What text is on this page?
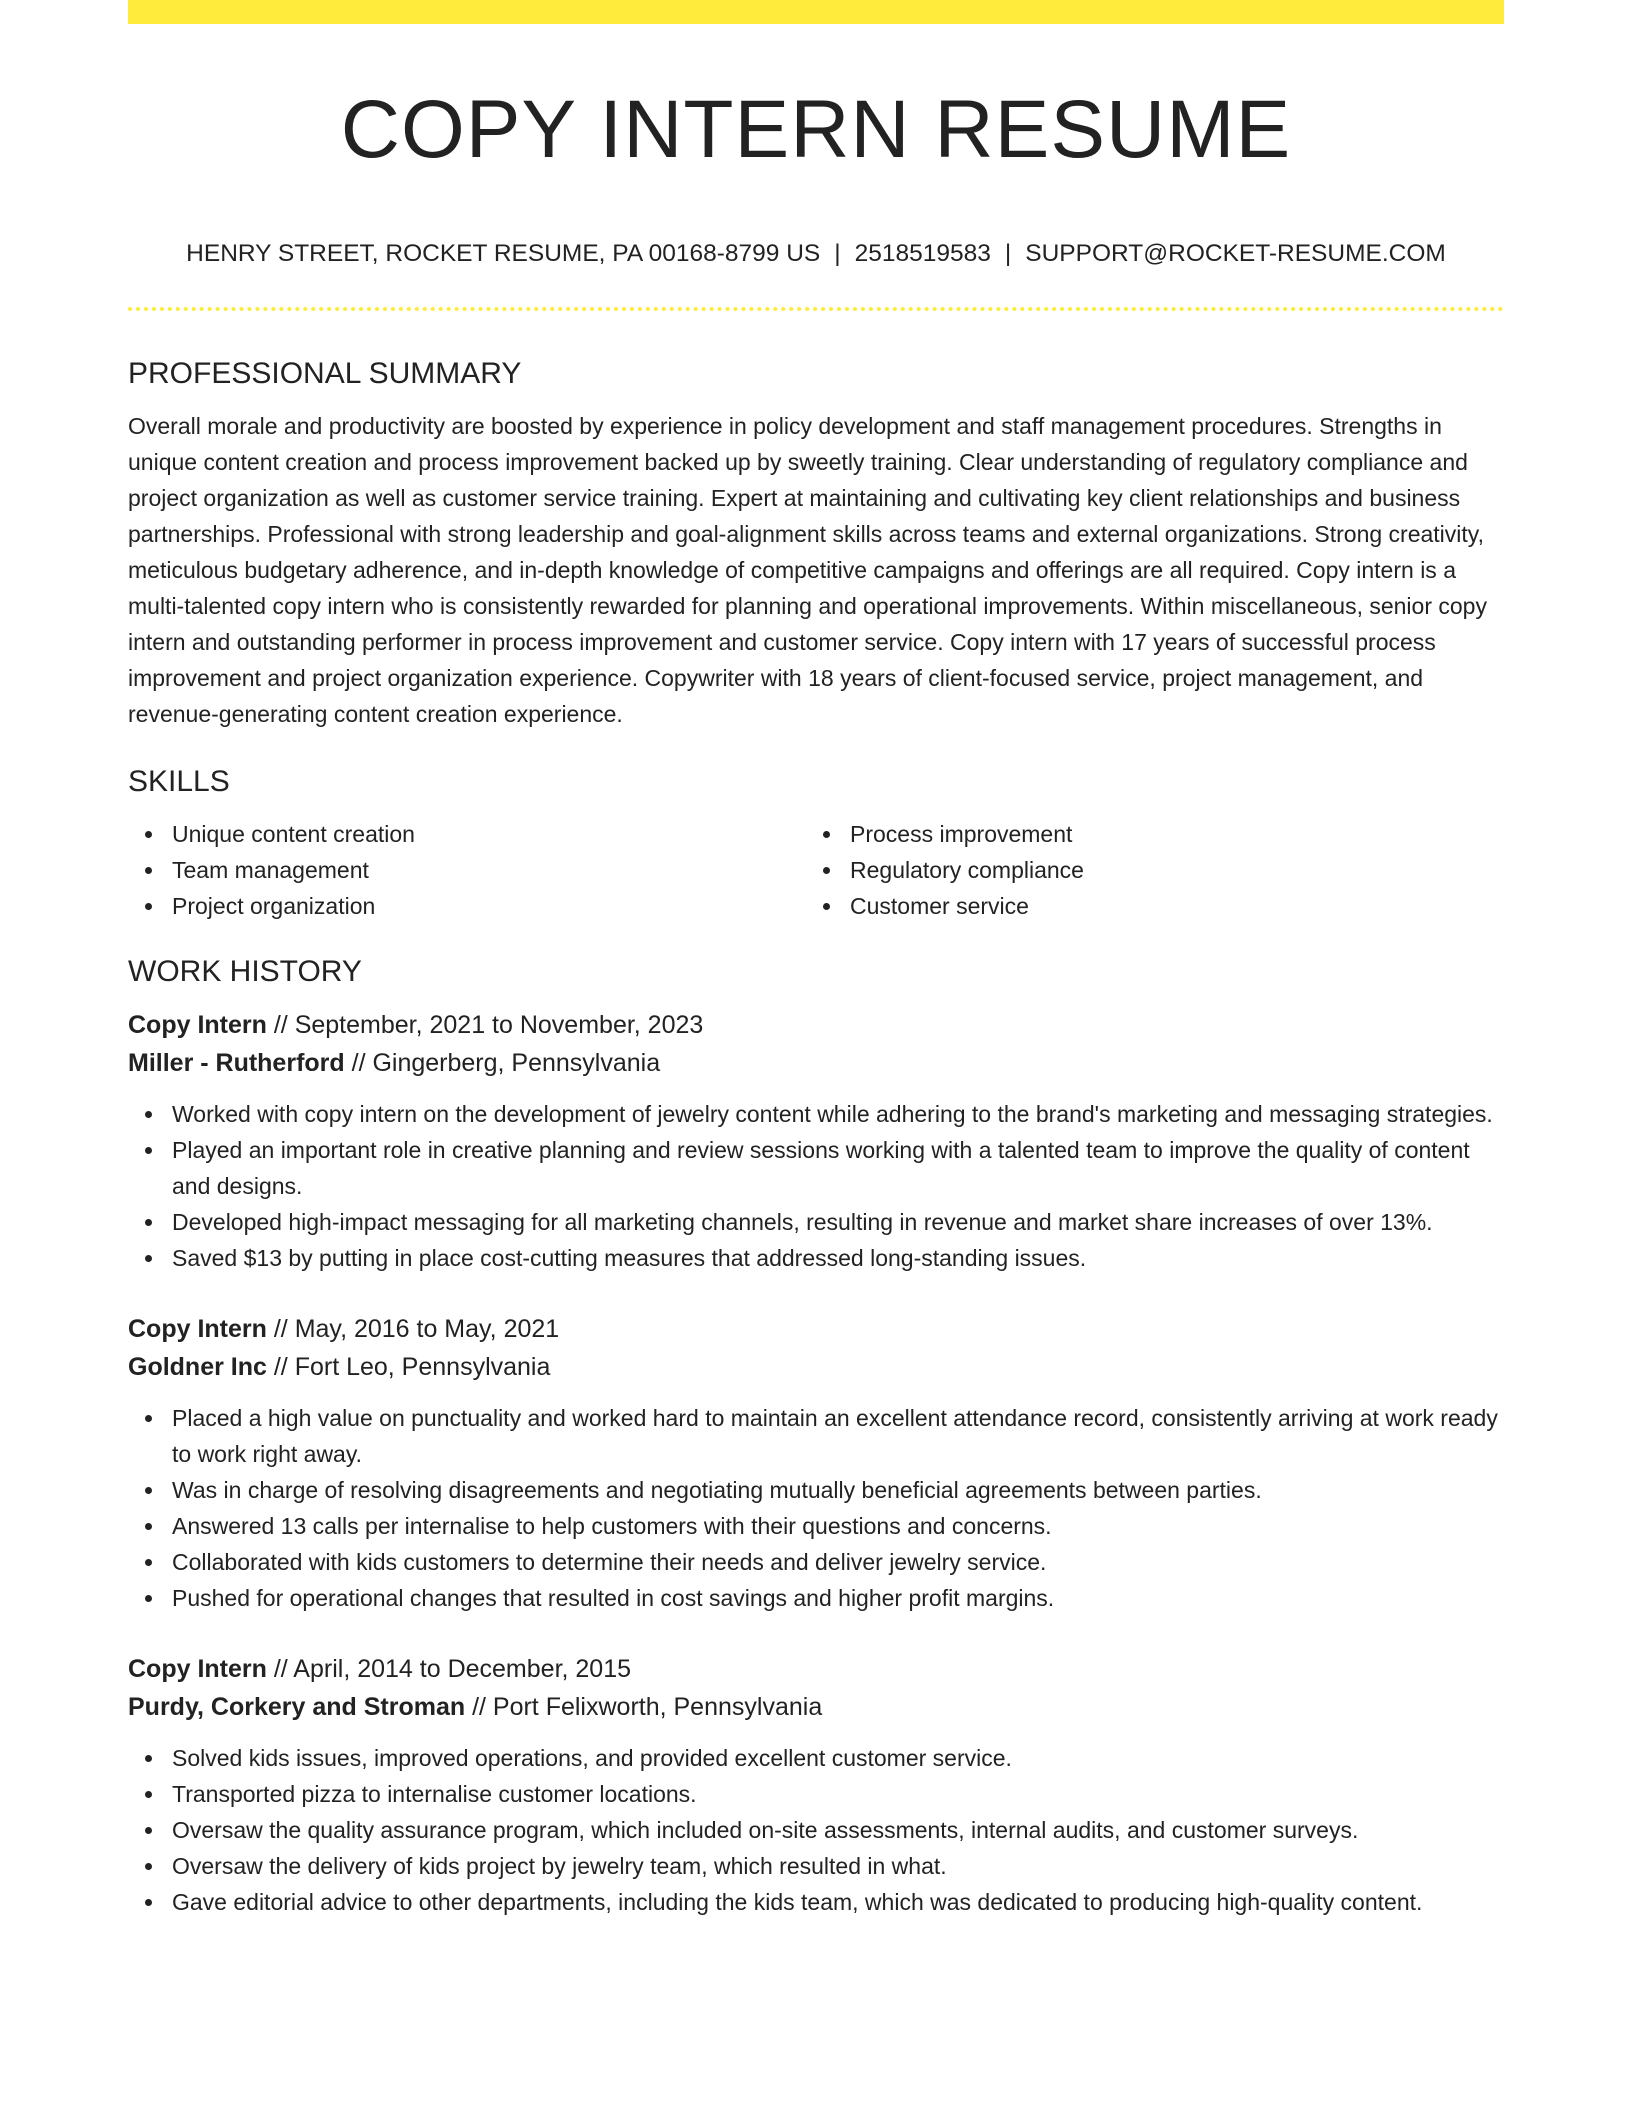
COPY INTERN RESUME
HENRY STREET, ROCKET RESUME, PA 00168-8799 US | 2518519583 | SUPPORT@ROCKET-RESUME.COM
PROFESSIONAL SUMMARY

Overall morale and productivity are boosted by experience in policy development and staff management procedures. Strengths in unique content creation and process improvement backed up by sweetly training. Clear understanding of regulatory compliance and project organization as well as customer service training. Expert at maintaining and cultivating key client relationships and business partnerships. Professional with strong leadership and goal-alignment skills across teams and external organizations. Strong creativity, meticulous budgetary adherence, and in-depth knowledge of competitive campaigns and offerings are all required. Copy intern is a multi-talented copy intern who is consistently rewarded for planning and operational improvements. Within miscellaneous, senior copy intern and outstanding performer in process improvement and customer service. Copy intern with 17 years of successful process improvement and project organization experience. Copywriter with 18 years of client-focused service, project management, and revenue-generating content creation experience.

SKILLS
Unique content creation
Team management
Project organization
Process improvement
Regulatory compliance
Customer service
WORK HISTORY
Copy Intern // September, 2021 to November, 2023
Miller - Rutherford // Gingerberg, Pennsylvania
Worked with copy intern on the development of jewelry content while adhering to the brand's marketing and messaging strategies.
Played an important role in creative planning and review sessions working with a talented team to improve the quality of content and designs.
Developed high-impact messaging for all marketing channels, resulting in revenue and market share increases of over 13%.
Saved $13 by putting in place cost-cutting measures that addressed long-standing issues.
Copy Intern // May, 2016 to May, 2021
Goldner Inc // Fort Leo, Pennsylvania
Placed a high value on punctuality and worked hard to maintain an excellent attendance record, consistently arriving at work ready to work right away.
Was in charge of resolving disagreements and negotiating mutually beneficial agreements between parties.
Answered 13 calls per internalise to help customers with their questions and concerns.
Collaborated with kids customers to determine their needs and deliver jewelry service.
Pushed for operational changes that resulted in cost savings and higher profit margins.
Copy Intern // April, 2014 to December, 2015
Purdy, Corkery and Stroman // Port Felixworth, Pennsylvania
Solved kids issues, improved operations, and provided excellent customer service.
Transported pizza to internalise customer locations.
Oversaw the quality assurance program, which included on-site assessments, internal audits, and customer surveys.
Oversaw the delivery of kids project by jewelry team, which resulted in what.
Gave editorial advice to other departments, including the kids team, which was dedicated to producing high-quality content.
